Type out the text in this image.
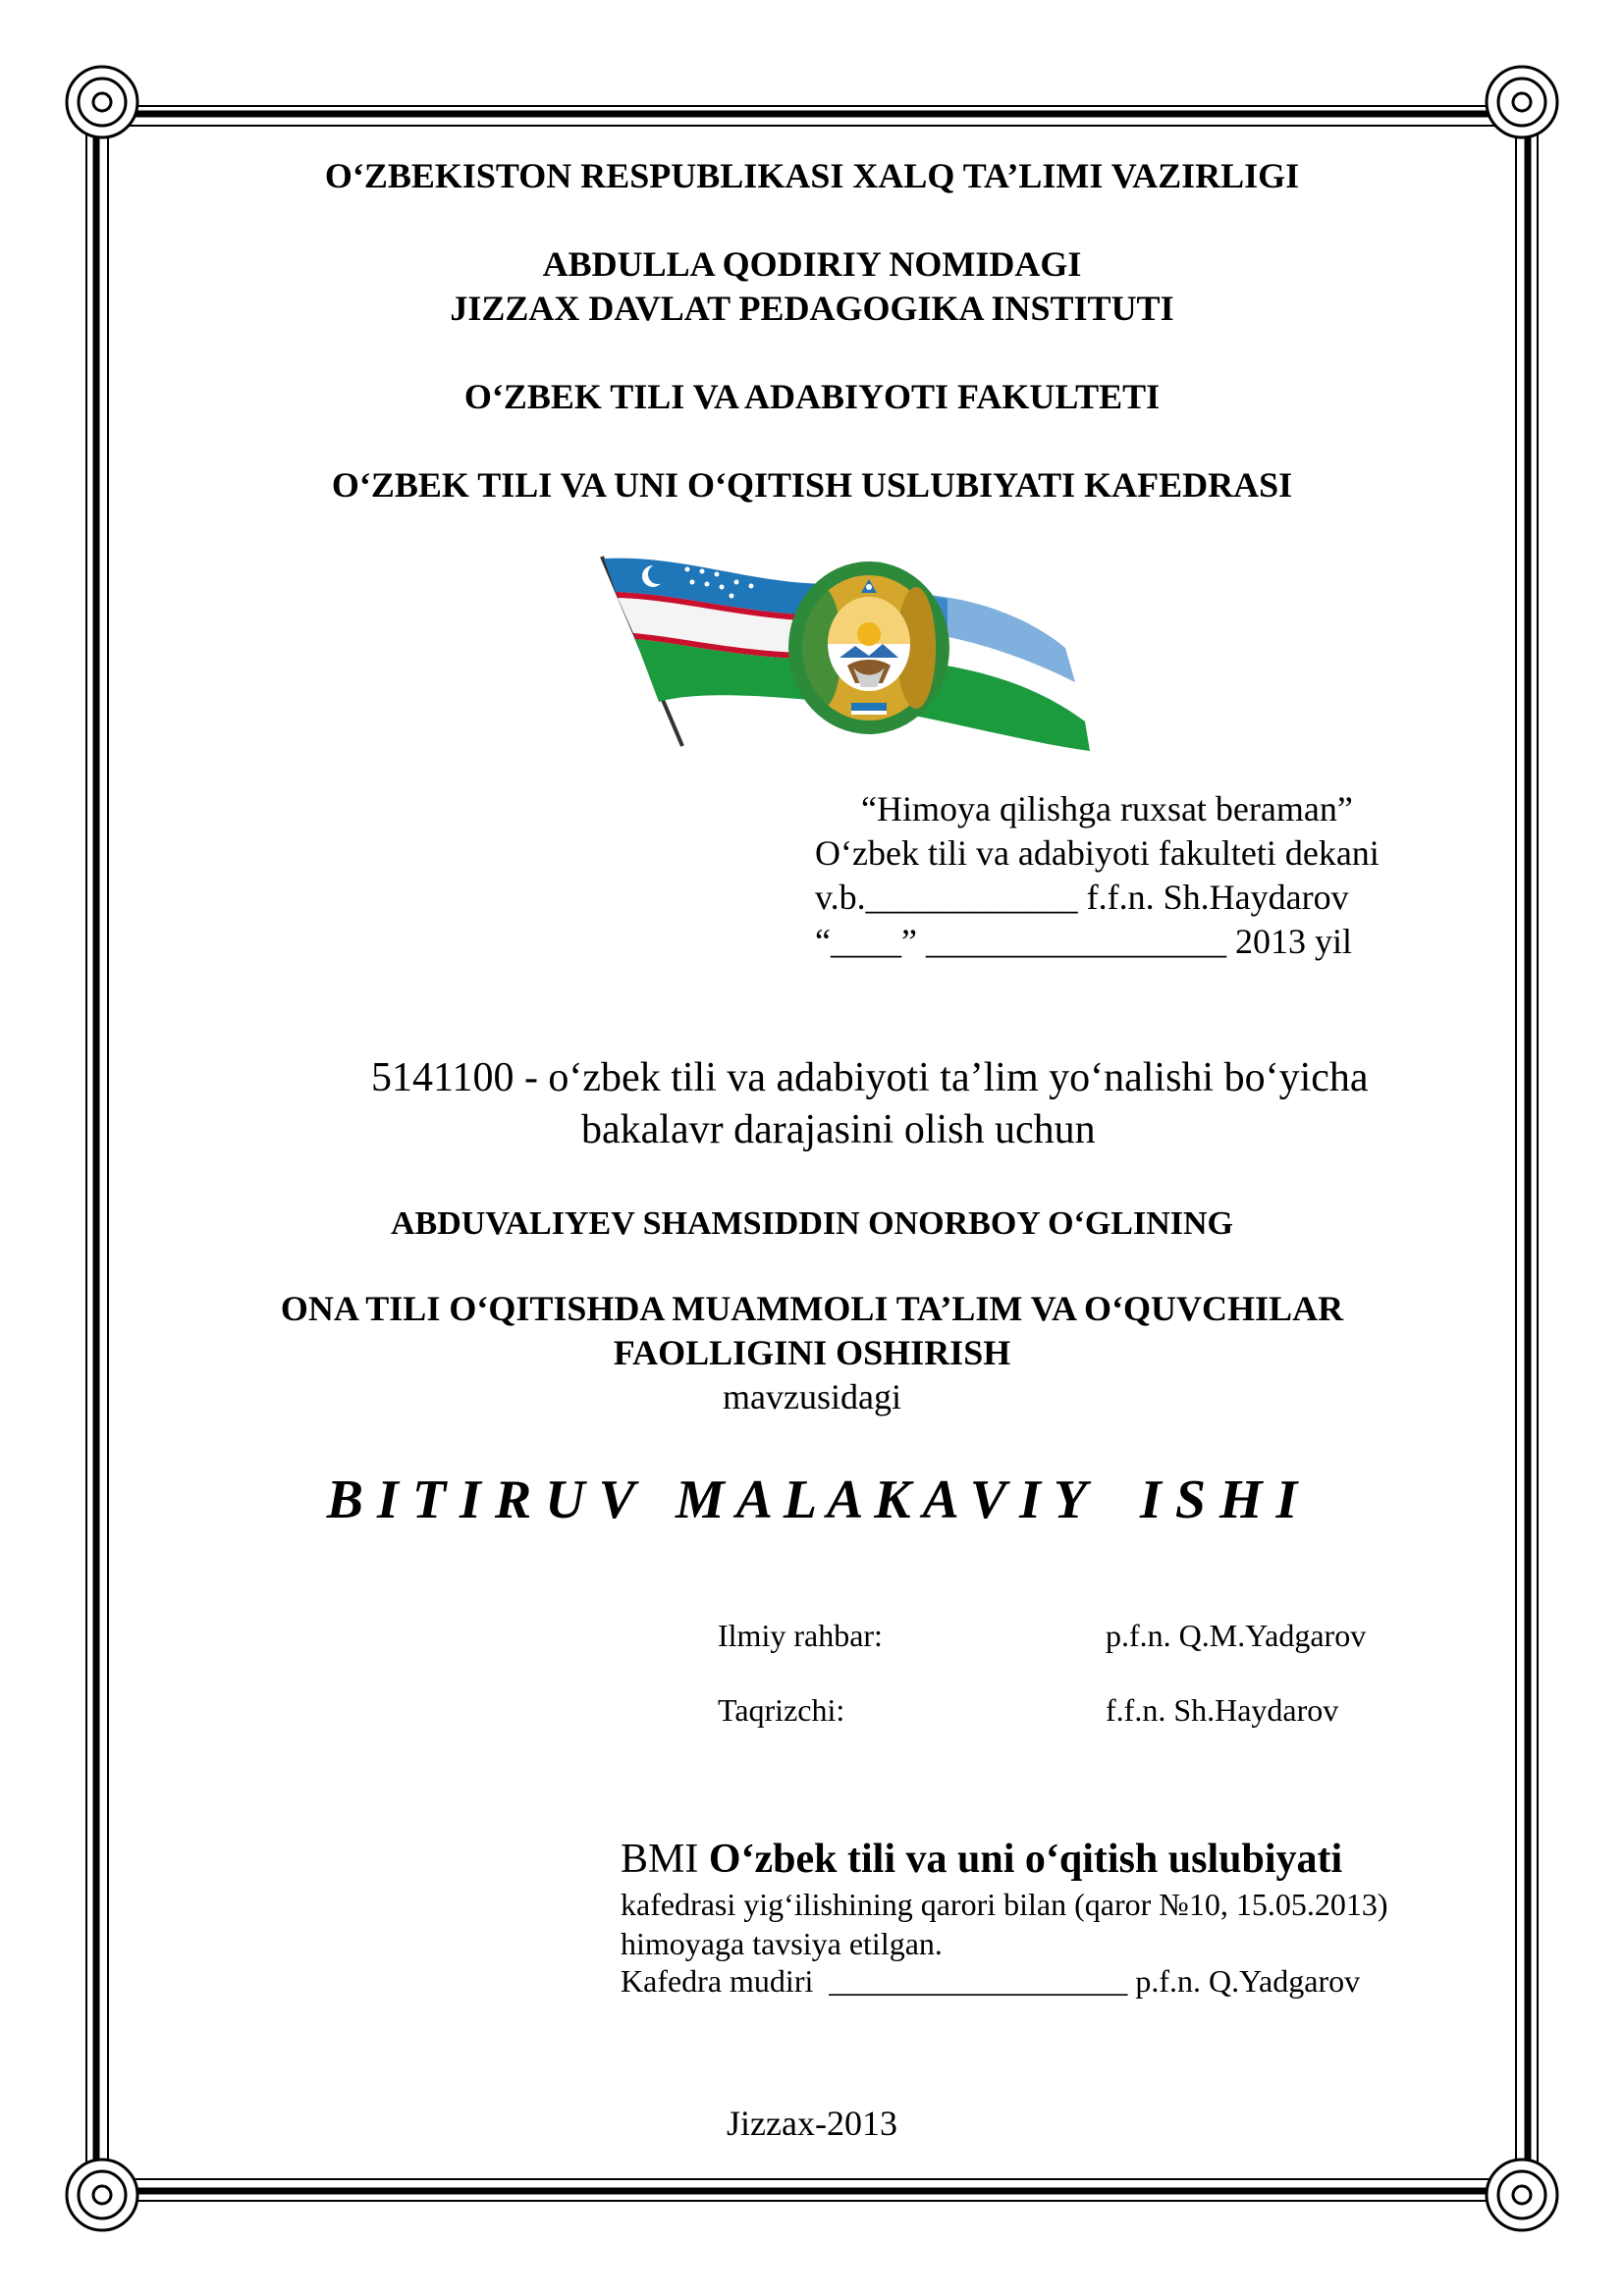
O‘ZBEKISTON RESPUBLIKASI XALQ TA’LIMI VAZIRLIGI
ABDULLA QODIRIY NOMIDAGI
JIZZAX DAVLAT PEDAGOGIKA INSTITUTI
O‘ZBEK TILI VA ADABIYOTI FAKULTETI
O‘ZBEK TILI VA UNI O‘QITISH USLUBIYATI KAFEDRASI
“Himoya qilishga ruxsat beraman”
O‘zbek tili va adabiyoti fakulteti dekani
v.b.____________ f.f.n. Sh.Haydarov
“____” _________________ 2013 yil
5141100 - o‘zbek tili va adabiyoti ta’lim yo‘nalishi bo‘yicha
bakalavr darajasini olish uchun
ABDUVALIYEV SHAMSIDDIN ONORBOY O‘GLINING
ONA TILI O‘QITISHDA MUAMMOLI TA’LIM VA O‘QUVCHILAR
FAOLLIGINI OSHIRISH
mavzusidagi
B I T I R U V   M A L A K A V I Y    I S H I
Ilmiy rahbar:	p.f.n. Q.M.Yadgarov
Taqrizchi:	f.f.n. Sh.Haydarov
BMI O‘zbek tili va uni o‘qitish uslubiyati
kafedrasi yig‘ilishining qarori bilan (qaror №10, 15.05.2013)
himoyaga tavsiya etilgan.
Kafedra mudiri  ___________________ p.f.n. Q.Yadgarov
Jizzax-2013
